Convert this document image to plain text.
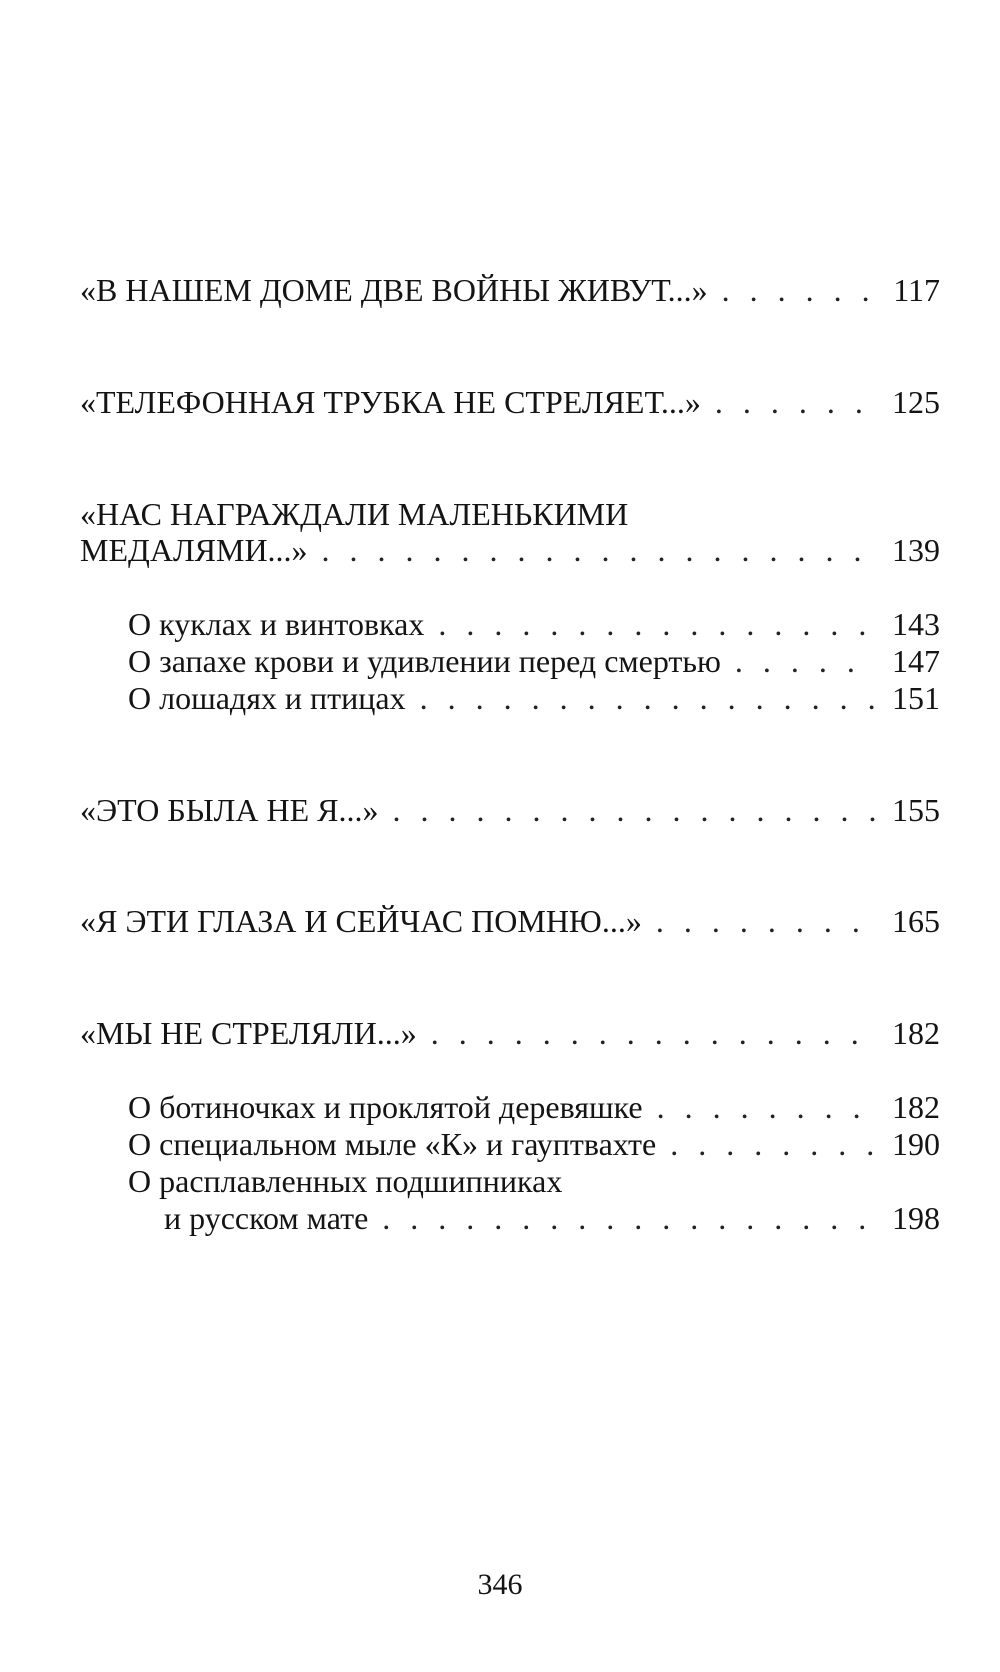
«В НАШЕМ ДОМЕ ДВЕ ВОЙНЫ ЖИВУТ...» . . .	117
«ТЕЛЕФОННАЯ ТРУБКА НЕ СТРЕЛЯЕТ...» . . .	125
«НАС НАГРАЖДАЛИ МАЛЕНЬКИМИ
МЕДАЛЯМИ...» . . .	139
О куклах и винтовках . . .	143
О запахе крови и удивлении перед смертью . . .	147
О лошадях и птицах . . .	151
«ЭТО БЫЛА НЕ Я...» . . .	155
«Я ЭТИ ГЛАЗА И СЕЙЧАС ПОМНЮ...» . . .	165
«МЫ НЕ СТРЕЛЯЛИ...» . . .	182
О ботиночках и проклятой деревяшке . . .	182
О специальном мыле «К» и гауптвахте . . .	190
О расплавленных подшипниках
и русском мате . . .	198
346
